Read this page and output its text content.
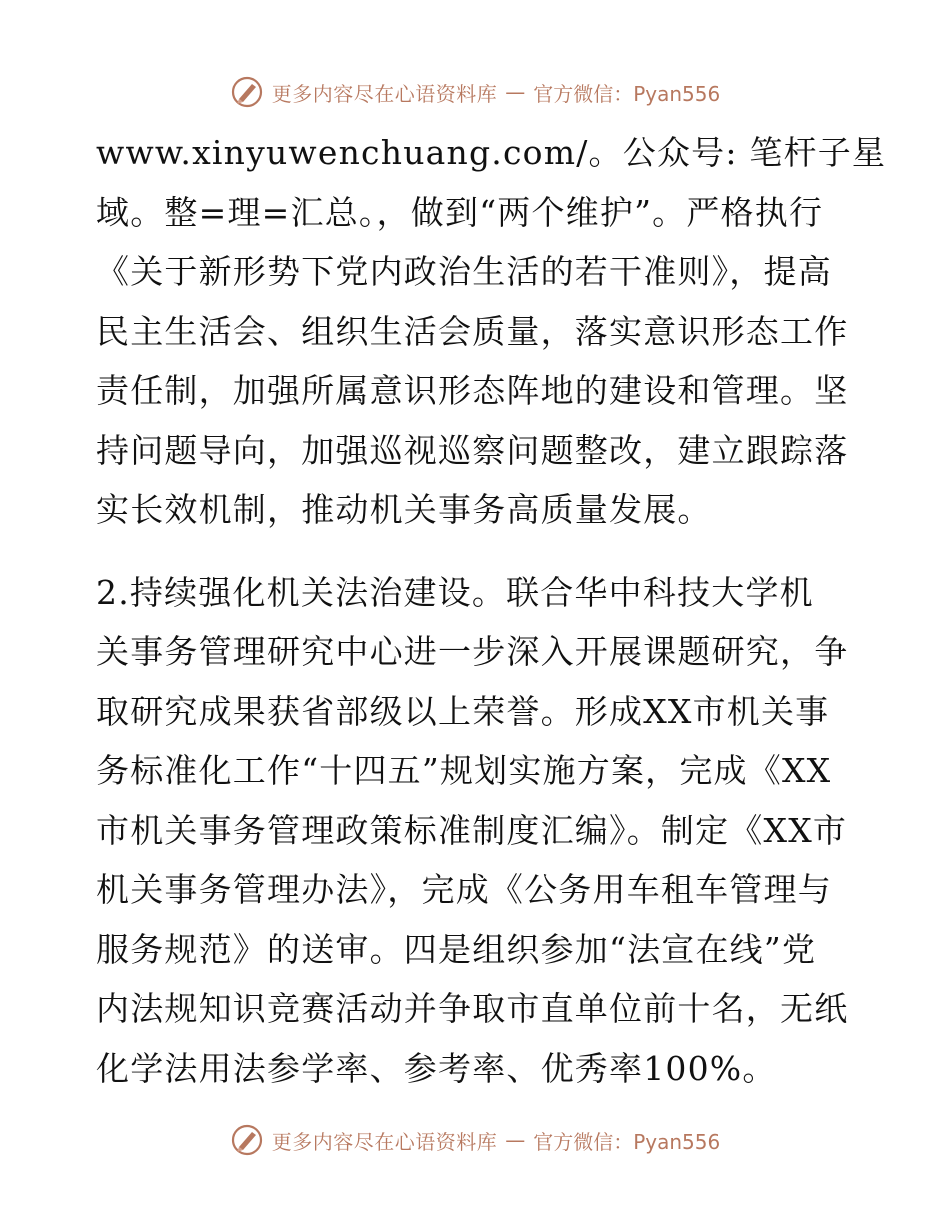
更多内容尽在心语资料库 — 官方微信：Pyan556
www.xinyuwenchuang.com/。公众号: 笔杆子星
域。整=理=汇总。，做到“两个维护”。严格执行
《关于新形势下党内政治生活的若干准则》，提高
民主生活会、组织生活会质量，落实意识形态工作
责任制，加强所属意识形态阵地的建设和管理。坚
持问题导向，加强巡视巡察问题整改，建立跟踪落
实长效机制，推动机关事务高质量发展。
2.持续强化机关法治建设。联合华中科技大学机
关事务管理研究中心进一步深入开展课题研究，争
取研究成果获省部级以上荣誉。形成XX市机关事
务标准化工作“十四五”规划实施方案，完成《XX
市机关事务管理政策标准制度汇编》。制定《XX市
机关事务管理办法》，完成《公务用车租车管理与
服务规范》的送审。四是组织参加“法宣在线”党
内法规知识竞赛活动并争取市直单位前十名，无纸
化学法用法参学率、参考率、优秀率100%。
更多内容尽在心语资料库 — 官方微信：Pyan556
